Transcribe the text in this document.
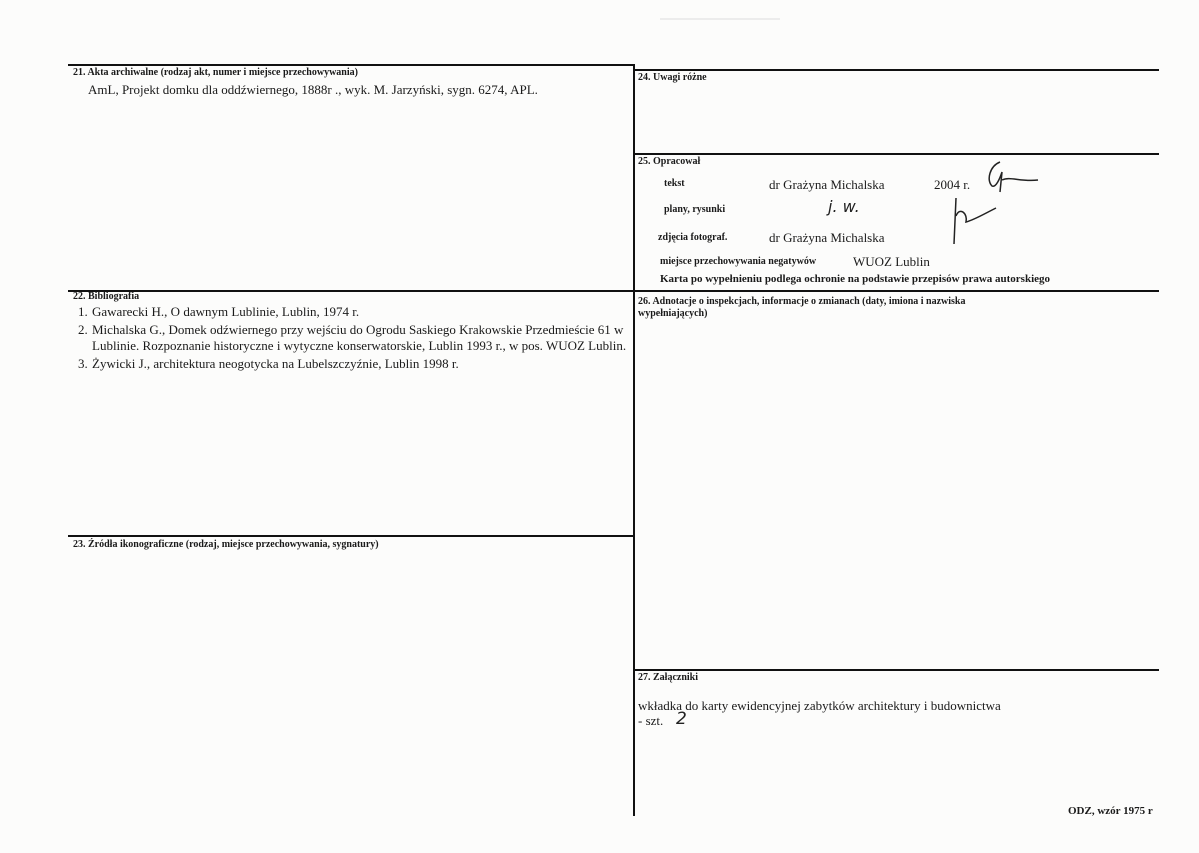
21. Akta archiwalne (rodzaj akt, numer i miejsce przechowywania)
AmL, Projekt domku dla oddźwiernego, 1888r ., wyk. M. Jarzyński, sygn. 6274, APL.
24. Uwagi różne
25. Opracował
tekst	dr Grażyna Michalska	2004 r.
plany, rysunki	j. w.
zdjęcia fotograf.	dr Grażyna Michalska
miejsce przechowywania negatywów	WUOZ Lublin
Karta po wypełnieniu podlega ochronie na podstawie przepisów prawa autorskiego
22. Bibliografia
1. Gawarecki H., O dawnym Lublinie, Lublin, 1974 r.
2. Michalska G., Domek odźwiernego przy wejściu do Ogrodu Saskiego Krakowskie Przedmieście 61 w Lublinie. Rozpoznanie historyczne i wytyczne konserwatorskie, Lublin 1993 r., w pos. WUOZ Lublin.
3. Żywicki J., architektura neogotycka na Lubelszczyźnie, Lublin 1998 r.
26. Adnotacje o inspekcjach, informacje o zmianach (daty, imiona i nazwiska wypełniających)
23. Źródła ikonograficzne (rodzaj, miejsce przechowywania, sygnatury)
27. Załączniki
wkładka do karty ewidencyjnej zabytków architektury i budownictwa
- szt. 2
ODZ, wzór 1975 r
